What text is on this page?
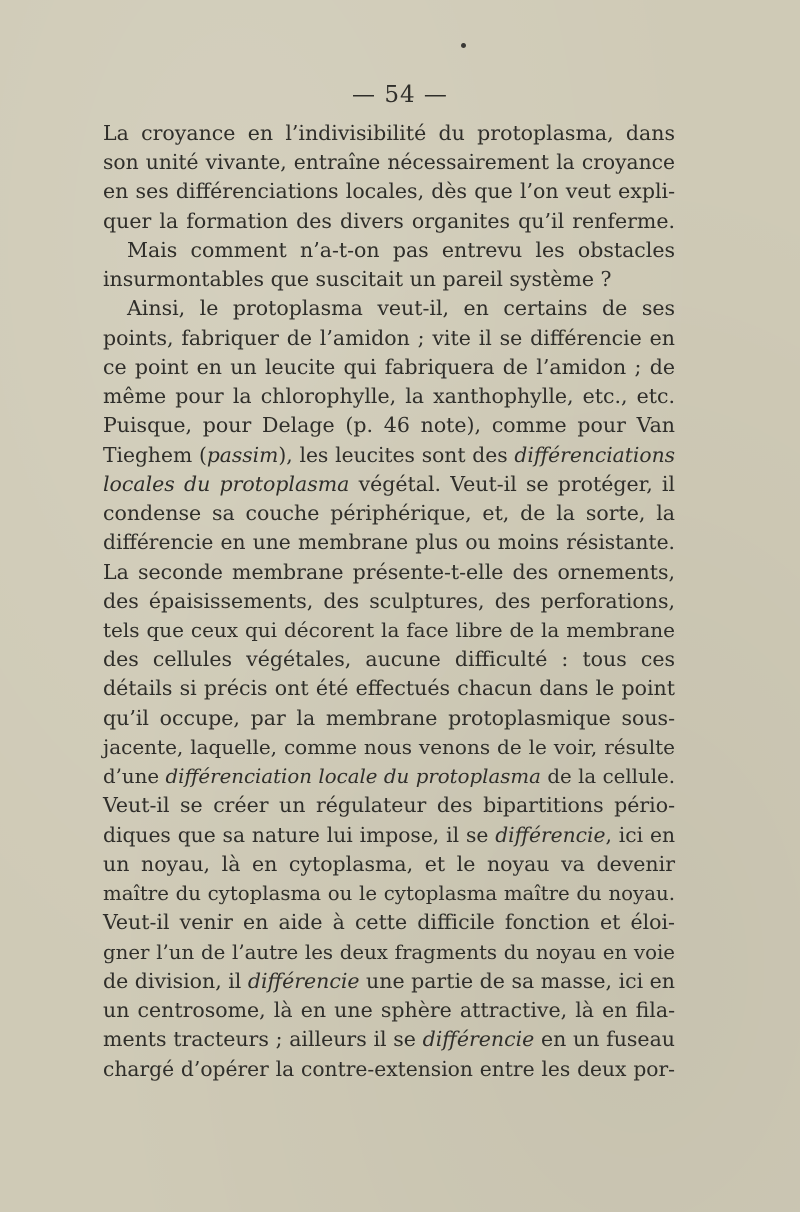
— 54 —
La croyance en l’indivisibilité du protoplasma, dans
son unité vivante, entraîne nécessairement la croyance
en ses différenciations locales, dès que l’on veut expli-
quer la formation des divers organites qu’il renferme.
Mais comment n’a-t-on pas entrevu les obstacles
insurmontables que suscitait un pareil système ?
Ainsi, le protoplasma veut-il, en certains de ses
points, fabriquer de l’amidon ; vite il se différencie en
ce point en un leucite qui fabriquera de l’amidon ; de
même pour la chlorophylle, la xanthophylle, etc., etc.
Puisque, pour Delage (p. 46 note), comme pour Van
Tieghem (passim), les leucites sont des différenciations
locales du protoplasma végétal. Veut-il se protéger, il
condense sa couche périphérique, et, de la sorte, la
différencie en une membrane plus ou moins résistante.
La seconde membrane présente-t-elle des ornements,
des épaisissements, des sculptures, des perforations,
tels que ceux qui décorent la face libre de la membrane
des cellules végétales, aucune difficulté : tous ces
détails si précis ont été effectués chacun dans le point
qu’il occupe, par la membrane protoplasmique sous-
jacente, laquelle, comme nous venons de le voir, résulte
d’une différenciation locale du protoplasma de la cellule.
Veut-il se créer un régulateur des bipartitions pério-
diques que sa nature lui impose, il se différencie, ici en
un noyau, là en cytoplasma, et le noyau va devenir
maître du cytoplasma ou le cytoplasma maître du noyau.
Veut-il venir en aide à cette difficile fonction et éloi-
gner l’un de l’autre les deux fragments du noyau en voie
de division, il différencie une partie de sa masse, ici en
un centrosome, là en une sphère attractive, là en fila-
ments tracteurs ; ailleurs il se différencie en un fuseau
chargé d’opérer la contre-extension entre les deux por-
